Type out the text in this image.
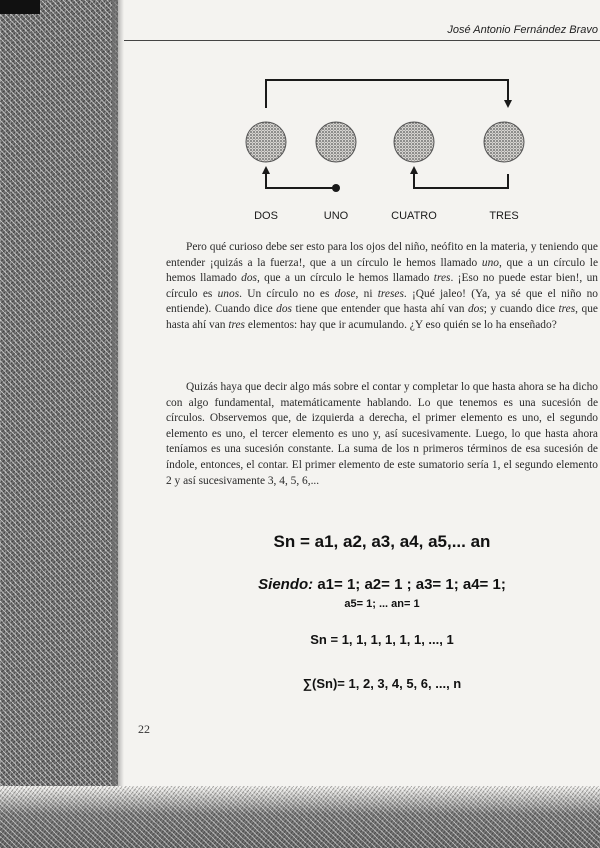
José Antonio Fernández Bravo
DOS	UNO	CUATRO	TRES

Pero qué curioso debe ser esto para los ojos del niño, neófito en la materia, y teniendo que entender ¡quizás a la fuerza!, que a un círculo le hemos llamado uno, que a un círculo le hemos llamado dos, que a un círculo le hemos llamado tres. ¡Eso no puede estar bien!, un círculo es unos. Un círculo no es dose, ni treses. ¡Qué jaleo! (Ya, ya sé que el niño no entiende). Cuando dice dos tiene que entender que hasta ahí van dos; y cuando dice tres, que hasta ahí van tres elementos: hay que ir acumulando. ¿Y eso quién se lo ha enseñado?

Quizás haya que decir algo más sobre el contar y completar lo que hasta ahora se ha dicho con algo fundamental, matemáticamente hablando. Lo que tenemos es una sucesión de círculos. Observemos que, de izquierda a derecha, el primer elemento es uno, el segundo elemento es uno, el tercer elemento es uno y, así sucesivamente. Luego, lo que hasta ahora teníamos es una sucesión constante. La suma de los n primeros términos de esa sucesión de índole, entonces, el contar. El primer elemento de este sumatorio sería 1, el segundo elemento 2 y así sucesivamente 3, 4, 5, 6,...

Sn = a1, a2, a3, a4, a5,... an
Siendo: a1= 1; a2= 1 ; a3= 1; a4= 1;
a5= 1; ... an= 1
Sn = 1, 1, 1, 1, 1, 1, ..., 1
∑(Sn)= 1, 2, 3, 4, 5, 6, ..., n
22
